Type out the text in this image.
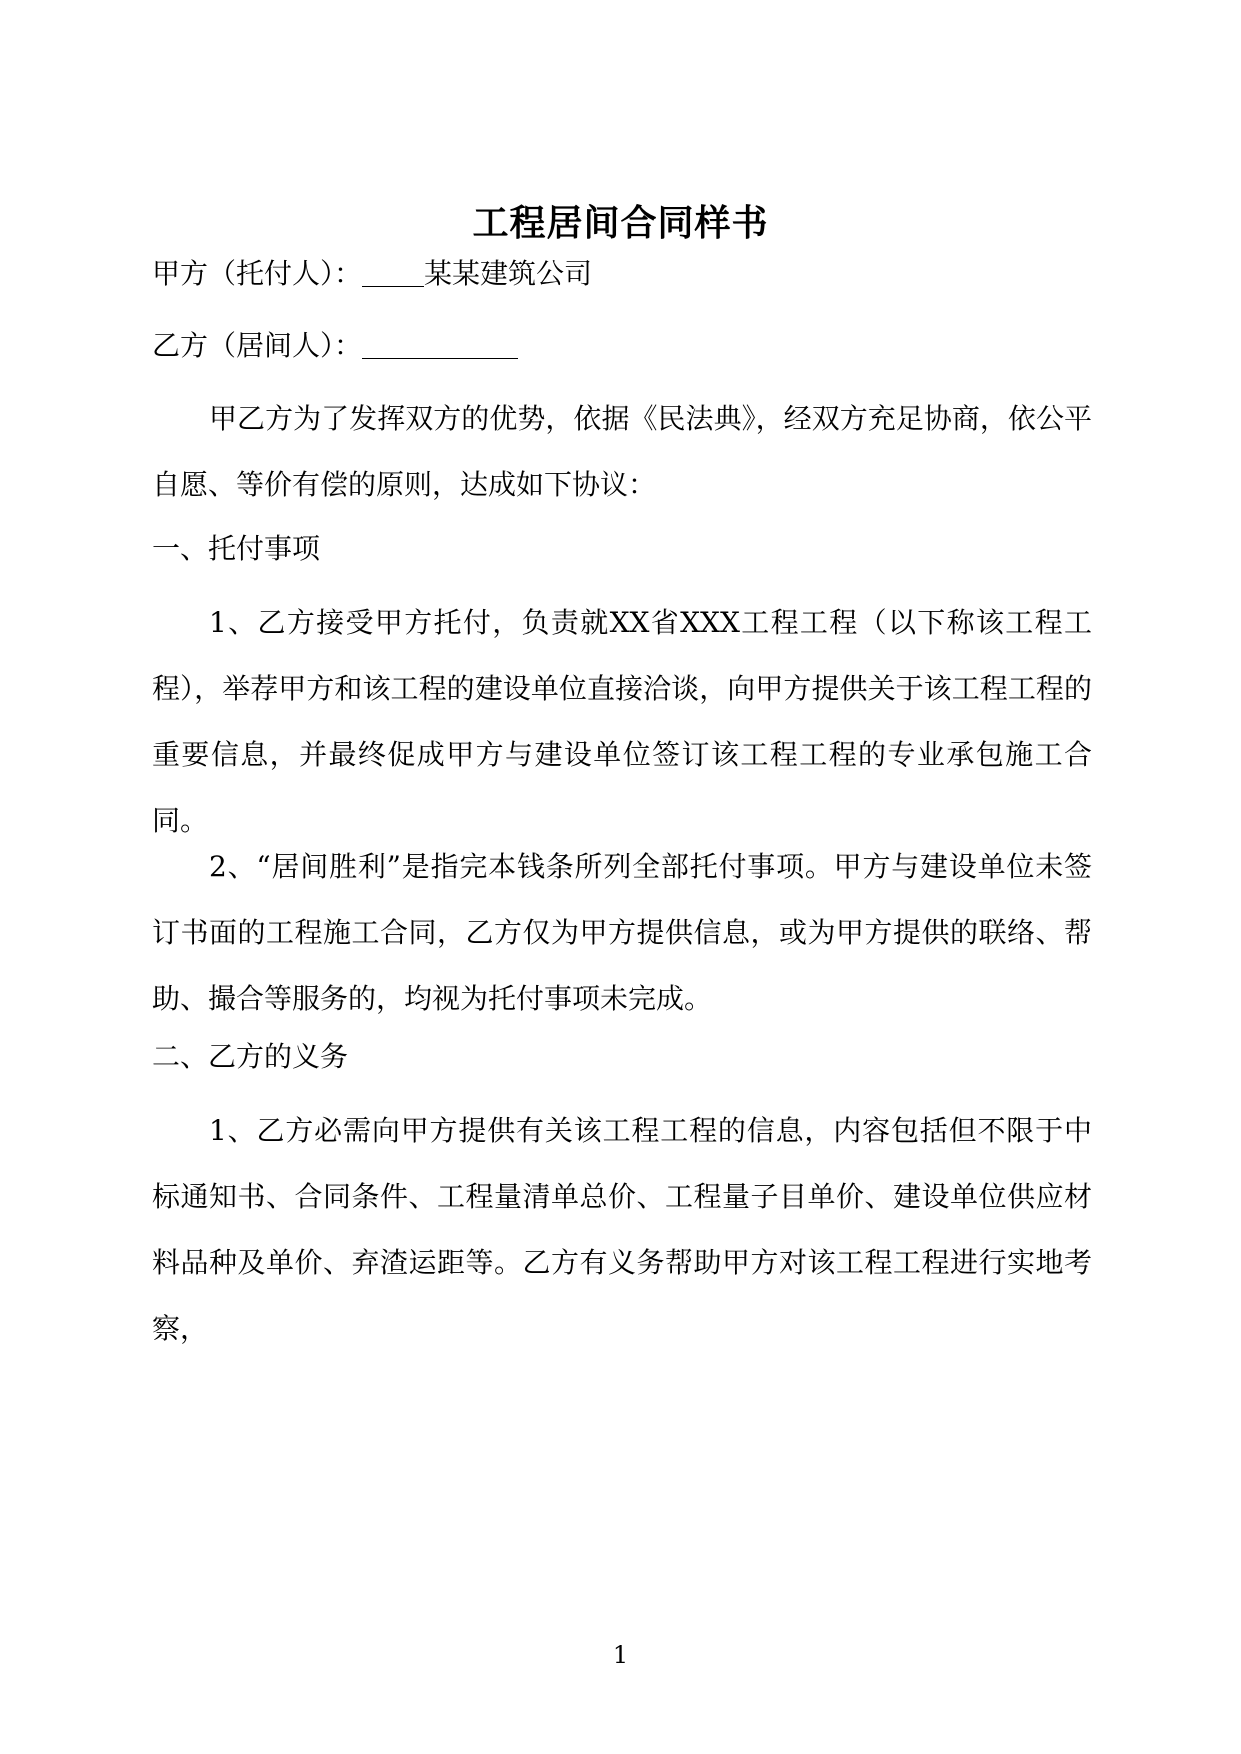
工程居间合同样书
甲方（托付人）： 某某建筑公司
乙方（居间人）：
甲乙方为了发挥双方的优势，依据《民法典》，经双方充足协商，依公平自愿、等价有偿的原则，达成如下协议：
一、托付事项
1、乙方接受甲方托付，负责就XX省XXX工程工程（以下称该工程工程），举荐甲方和该工程的建设单位直接洽谈，向甲方提供关于该工程工程的重要信息，并最终促成甲方与建设单位签订该工程工程的专业承包施工合同。
2、“居间胜利”是指完本钱条所列全部托付事项。甲方与建设单位未签订书面的工程施工合同，乙方仅为甲方提供信息，或为甲方提供的联络、帮助、撮合等服务的，均视为托付事项未完成。
二、乙方的义务
1、乙方必需向甲方提供有关该工程工程的信息，内容包括但不限于中标通知书、合同条件、工程量清单总价、工程量子目单价、建设单位供应材料品种及单价、弃渣运距等。乙方有义务帮助甲方对该工程工程进行实地考察，
1
